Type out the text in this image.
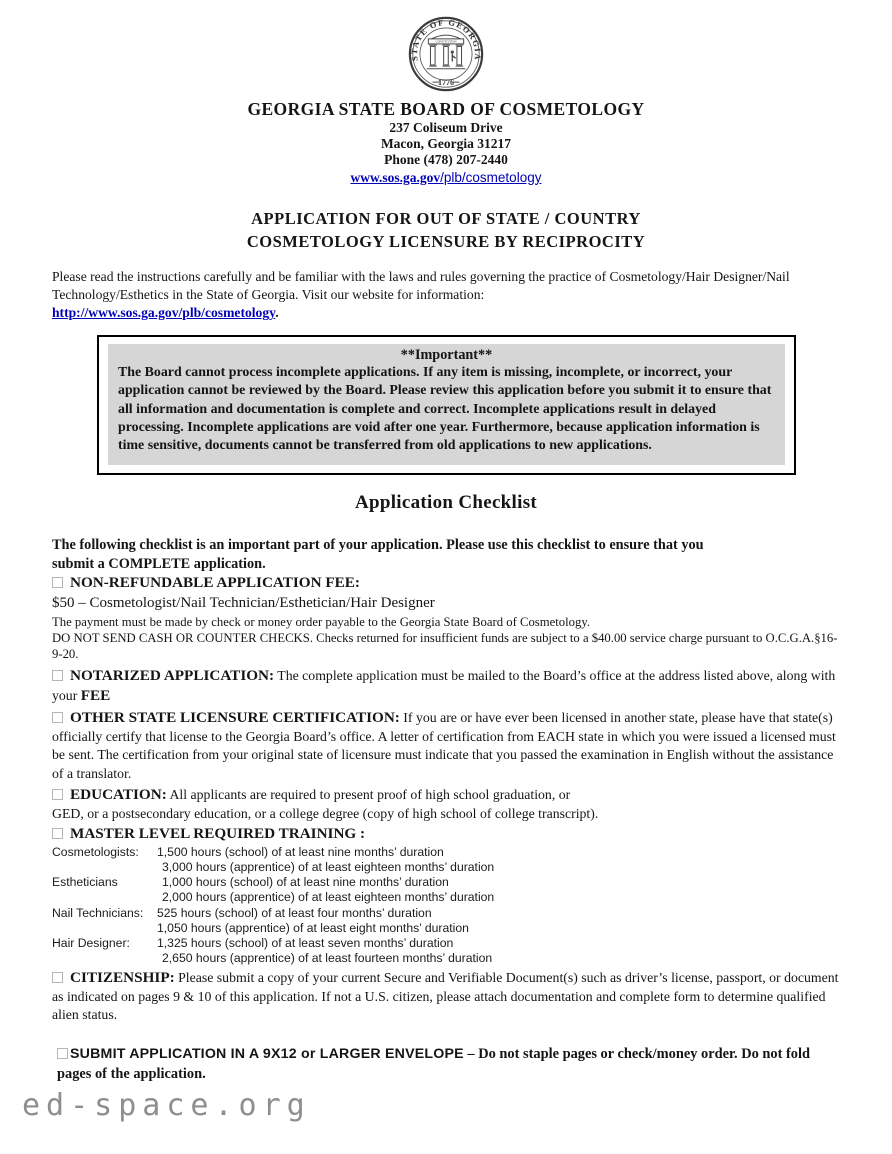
STATE OF GEORGIA
CONSTITUTION
1776
GEORGIA STATE BOARD OF COSMETOLOGY
237 Coliseum Drive
Macon, Georgia 31217
Phone (478) 207-2440
www.sos.ga.gov/plb/cosmetology
APPLICATION FOR OUT OF STATE / COUNTRY
COSMETOLOGY LICENSURE BY RECIPROCITY
Please read the instructions carefully and be familiar with the laws and rules governing the practice of Cosmetology/Hair Designer/Nail Technology/Esthetics in the State of Georgia. Visit our website for information:
http://www.sos.ga.gov/plb/cosmetology.
**Important**
The Board cannot process incomplete applications. If any item is missing, incomplete, or incorrect, your application cannot be reviewed by the Board. Please review this application before you submit it to ensure that all information and documentation is complete and correct. Incomplete applications result in delayed processing. Incomplete applications are void after one year. Furthermore, because application information is time sensitive, documents cannot be transferred from old applications to new applications.
Application Checklist
The following checklist is an important part of your application. Please use this checklist to ensure that you submit a COMPLETE application.
NON-REFUNDABLE APPLICATION FEE:
$50 – Cosmetologist/Nail Technician/Esthetician/Hair Designer
The payment must be made by check or money order payable to the Georgia State Board of Cosmetology.
DO NOT SEND CASH OR COUNTER CHECKS. Checks returned for insufficient funds are subject to a $40.00 service charge pursuant to O.C.G.A.§16-9-20.
NOTARIZED APPLICATION: The complete application must be mailed to the Board’s office at the address listed above, along with your FEE
OTHER STATE LICENSURE CERTIFICATION: If you are or have ever been licensed in another state, please have that state(s) officially certify that license to the Georgia Board’s office. A letter of certification from EACH state in which you were issued a licensed must be sent. The certification from your original state of licensure must indicate that you passed the examination in English without the assistance of a translator.
EDUCATION: All applicants are required to present proof of high school graduation, or
GED, or a postsecondary education, or a college degree (copy of high school of college transcript).
MASTER LEVEL REQUIRED TRAINING :
Cosmetologists:	1,500 hours (school) of at least nine months’ duration
3,000 hours (apprentice) of at least eighteen months’ duration
Estheticians	1,000 hours (school) of at least nine months’ duration
2,000 hours (apprentice) of at least eighteen months’ duration
Nail Technicians:	525 hours (school) of at least four months’ duration
1,050 hours (apprentice) of at least eight months’ duration
Hair Designer:	1,325 hours (school) of at least seven months’ duration
2,650 hours (apprentice) of at least fourteen months’ duration
CITIZENSHIP: Please submit a copy of your current Secure and Verifiable Document(s) such as driver’s license, passport, or document as indicated on pages 9 & 10 of this application. If not a U.S. citizen, please attach documentation and complete form to determine qualified alien status.
SUBMIT APPLICATION IN A 9X12 or LARGER ENVELOPE – Do not staple pages or check/money order. Do not fold pages of the application.
ed-space.org
